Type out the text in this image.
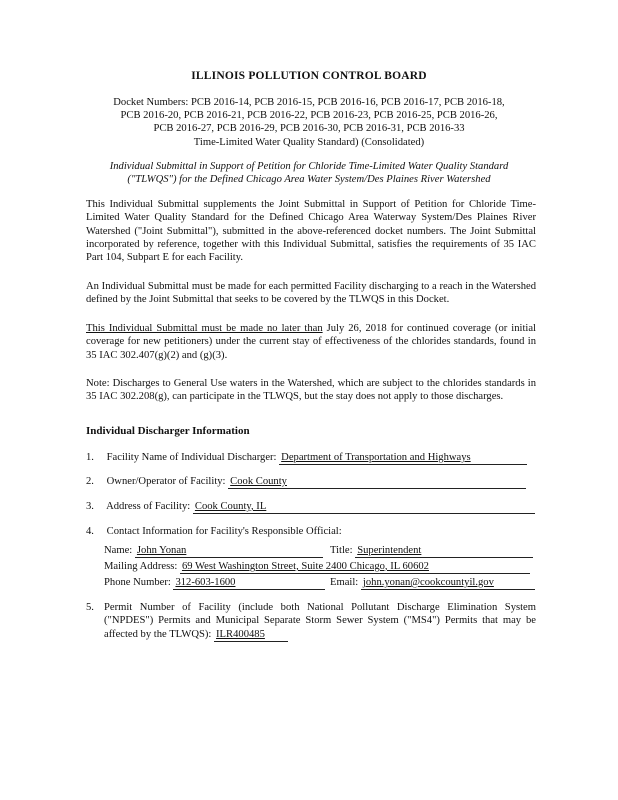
ILLINOIS POLLUTION CONTROL BOARD
Docket Numbers: PCB 2016-14, PCB 2016-15, PCB 2016-16, PCB 2016-17, PCB 2016-18,
PCB 2016-20, PCB 2016-21, PCB 2016-22, PCB 2016-23, PCB 2016-25, PCB 2016-26,
PCB 2016-27, PCB 2016-29, PCB 2016-30, PCB 2016-31, PCB 2016-33
Time-Limited Water Quality Standard) (Consolidated)
Individual Submittal in Support of Petition for Chloride Time-Limited Water Quality Standard
("TLWQS") for the Defined Chicago Area Water System/Des Plaines River Watershed

This Individual Submittal supplements the Joint Submittal in Support of Petition for Chloride Time-Limited Water Quality Standard for the Defined Chicago Area Waterway System/Des Plaines River Watershed ("Joint Submittal"), submitted in the above-referenced docket numbers. The Joint Submittal incorporated by reference, together with this Individual Submittal, satisfies the requirements of 35 IAC Part 104, Subpart E for each Facility.

An Individual Submittal must be made for each permitted Facility discharging to a reach in the Watershed defined by the Joint Submittal that seeks to be covered by the TLWQS in this Docket.

This Individual Submittal must be made no later than July 26, 2018 for continued coverage (or initial coverage for new petitioners) under the current stay of effectiveness of the chlorides standards, found in 35 IAC 302.407(g)(2) and (g)(3).

Note: Discharges to General Use waters in the Watershed, which are subject to the chlorides standards in 35 IAC 302.208(g), can participate in the TLWQS, but the stay does not apply to those discharges.

Individual Discharger Information
1. Facility Name of Individual Discharger: Department of Transportation and Highways
2. Owner/Operator of Facility: Cook County
3. Address of Facility: Cook County, IL
4. Contact Information for Facility's Responsible Official:
Name: John Yonan	Title: Superintendent
Mailing Address: 69 West Washington Street, Suite 2400 Chicago, IL 60602
Phone Number: 312-603-1600	Email: john.yonan@cookcountyil.gov
5. Permit Number of Facility (include both National Pollutant Discharge Elimination System ("NPDES") Permits and Municipal Separate Storm Sewer System ("MS4") Permits that may be affected by the TLWQS): ILR400485
